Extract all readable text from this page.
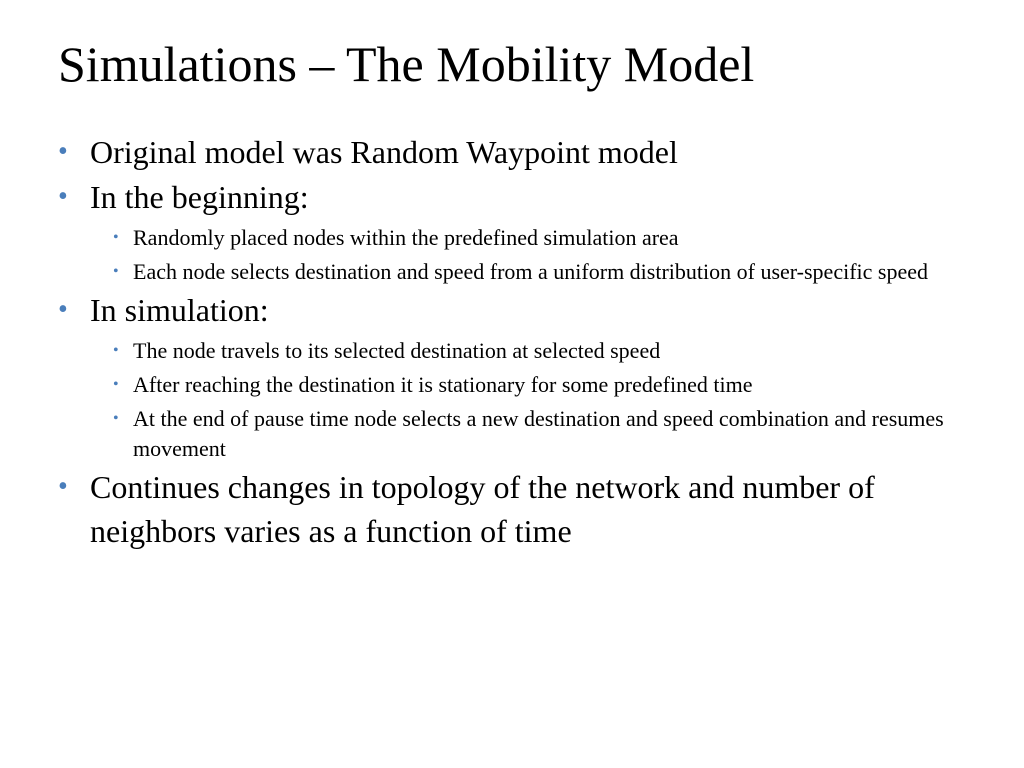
Simulations – The Mobility Model
• Original model was Random Waypoint model
• In the beginning:
• Randomly placed nodes within the predefined simulation area
• Each node selects destination and speed from a uniform distribution of user-specific speed
• In simulation:
• The node travels to its selected destination at selected speed
• After reaching the destination it is stationary for some predefined time
• At the end of pause time node selects a new destination and speed combination and resumes movement
• Continues changes in topology of the network and number of neighbors varies as a function of time
